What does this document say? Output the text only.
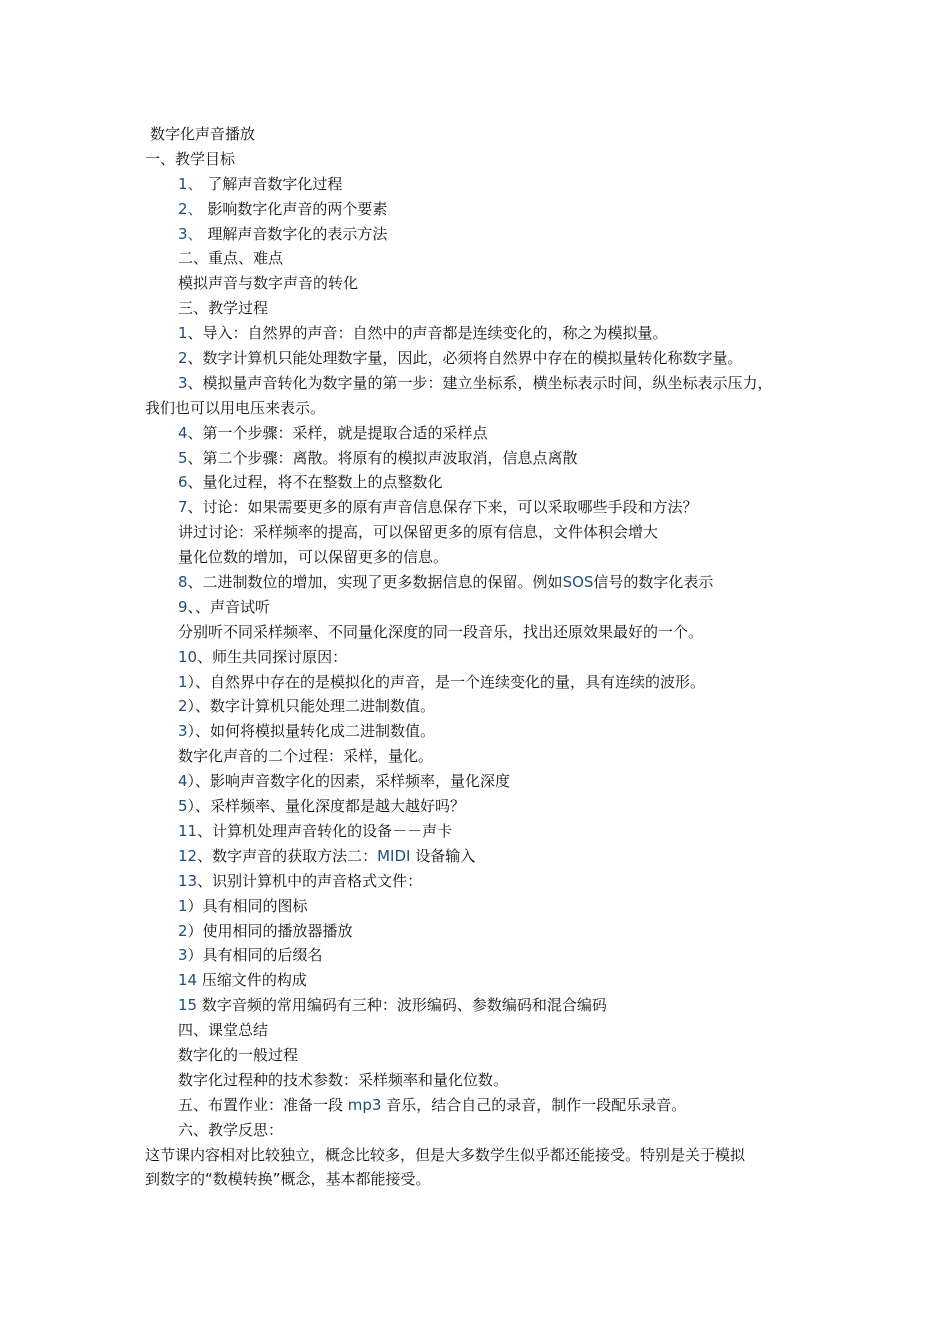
数字化声音播放
一、教学目标
1、 了解声音数字化过程
2、 影响数字化声音的两个要素
3、 理解声音数字化的表示方法
二、重点、难点
模拟声音与数字声音的转化
三、教学过程
1、导入：自然界的声音：自然中的声音都是连续变化的，称之为模拟量。
2、数字计算机只能处理数字量，因此，必须将自然界中存在的模拟量转化称数字量。
3、模拟量声音转化为数字量的第一步：建立坐标系，横坐标表示时间，纵坐标表示压力，
我们也可以用电压来表示。
4、第一个步骤：采样，就是提取合适的采样点
5、第二个步骤：离散。将原有的模拟声波取消，信息点离散
6、量化过程，将不在整数上的点整数化
7、讨论：如果需要更多的原有声音信息保存下来，可以采取哪些手段和方法？
讲过讨论：采样频率的提高，可以保留更多的原有信息，文件体积会增大
量化位数的增加，可以保留更多的信息。
8、二进制数位的增加，实现了更多数据信息的保留。例如SOS信号的数字化表示
9、、声音试听
分别听不同采样频率、不同量化深度的同一段音乐，找出还原效果最好的一个。
10、师生共同探讨原因：
1）、自然界中存在的是模拟化的声音，是一个连续变化的量，具有连续的波形。
2）、数字计算机只能处理二进制数值。
3）、如何将模拟量转化成二进制数值。
数字化声音的二个过程：采样，量化。
4）、影响声音数字化的因素，采样频率，量化深度
5）、采样频率、量化深度都是越大越好吗？
11、计算机处理声音转化的设备－－声卡
12、数字声音的获取方法二：MIDI 设备输入
13、识别计算机中的声音格式文件：
1）具有相同的图标
2）使用相同的播放器播放
3）具有相同的后缀名
14 压缩文件的构成
15 数字音频的常用编码有三种：波形编码、参数编码和混合编码
四、课堂总结
数字化的一般过程
数字化过程种的技术参数：采样频率和量化位数。
五、布置作业：准备一段 mp3 音乐，结合自己的录音，制作一段配乐录音。
六、教学反思：
这节课内容相对比较独立，概念比较多，但是大多数学生似乎都还能接受。特别是关于模拟
到数字的“数模转换”概念，基本都能接受。
